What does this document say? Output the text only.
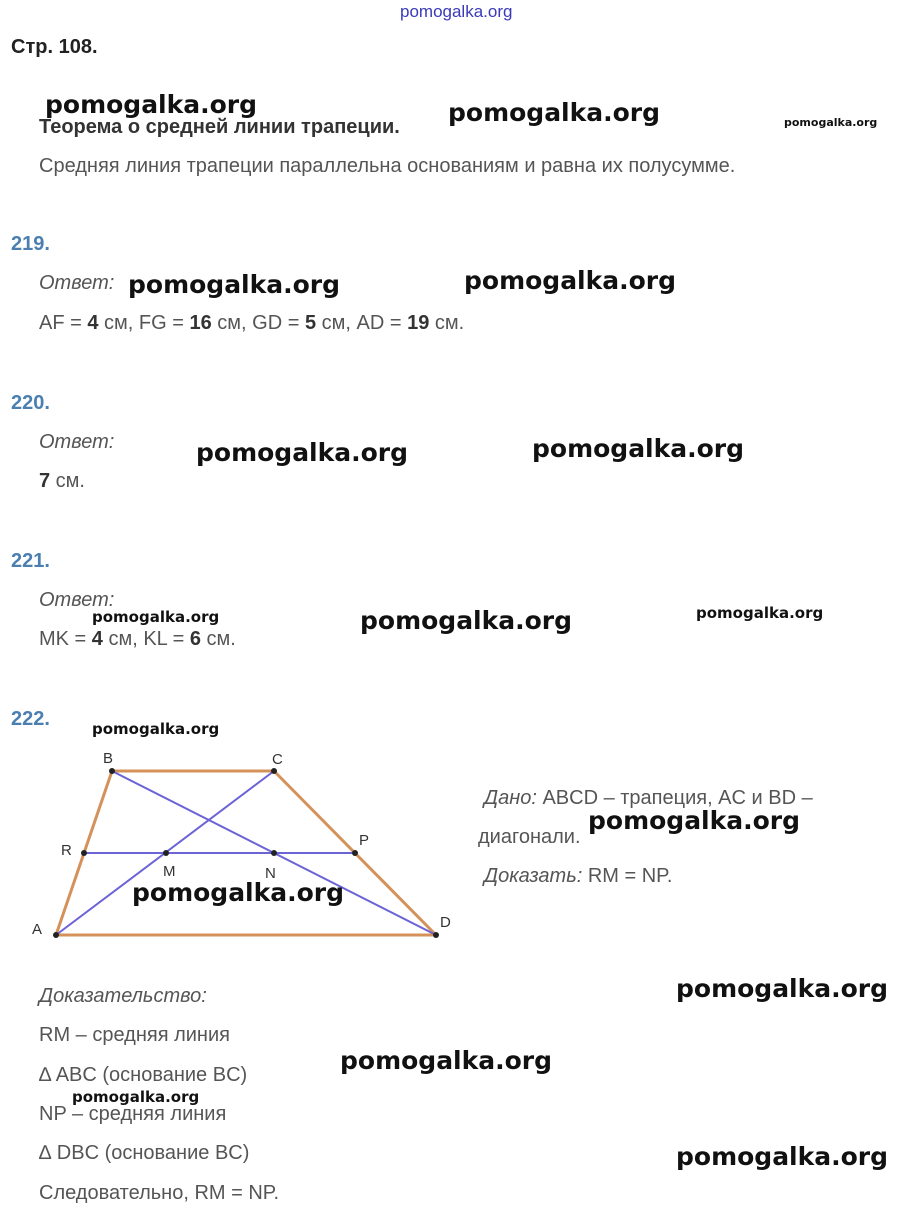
pomogalka.org
Стр. 108.
Теорема о средней линии трапеции.
Средняя линия трапеции параллельна основаниям и равна их полусумме.
219.
Ответ:
AF = 4 см, FG = 16 см, GD = 5 см, AD = 19 см.
220.
Ответ:
7 см.
221.
Ответ:
MK = 4 см, KL = 6 см.
222.
A
B	C
D
R
M	N
P
Дано: ABCD – трапеция, AC и BD –
диагонали.
Доказать: RM = NP.
Доказательство:
RM – средняя линия
∆ ABC (основание BC)
NP – средняя линия
∆ DBC (основание BC)
Следовательно, RM = NP.
pomogalka.org	pomogalka.org	pomogalka.org
pomogalka.org	pomogalka.org
pomogalka.org	pomogalka.org
pomogalka.org	pomogalka.org	pomogalka.org
pomogalka.org
pomogalka.org
pomogalka.org
pomogalka.org
pomogalka.org
pomogalka.org
pomogalka.org
